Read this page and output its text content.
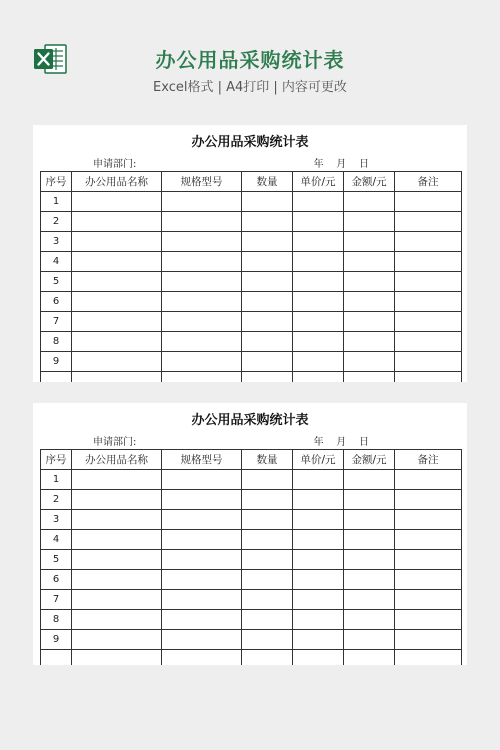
办公用品采购统计表
Excel格式 | A4打印 | 内容可更改
办公用品采购统计表
申请部门:	年    月    日
序号	办公用品名称	规格型号	数量	单价/元	金额/元	备注
1						
2						
3						
4						
5						
6						
7						
8						
9						

办公用品采购统计表
申请部门:	年    月    日
序号	办公用品名称	规格型号	数量	单价/元	金额/元	备注
1						
2						
3						
4						
5						
6						
7						
8						
9						
